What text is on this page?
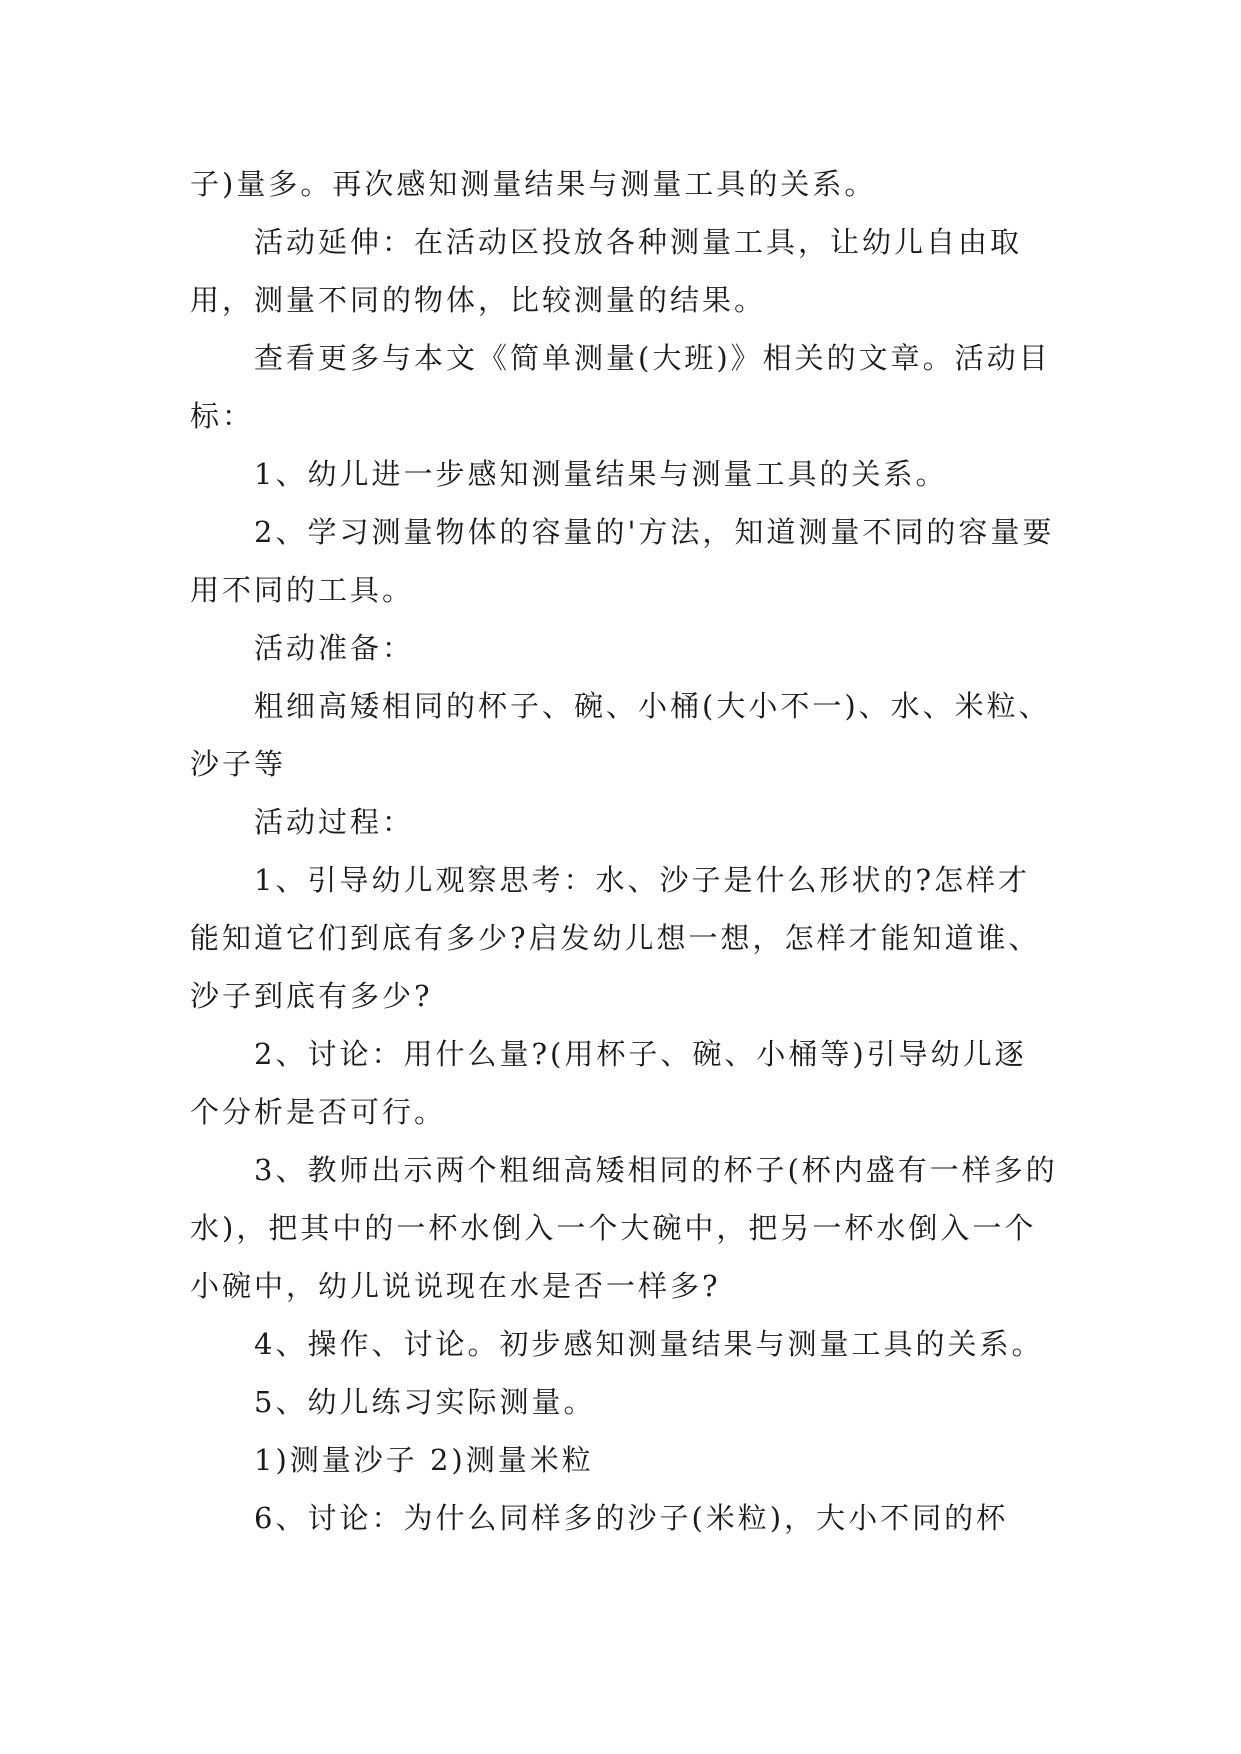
子)量多。再次感知测量结果与测量工具的关系。

活动延伸：在活动区投放各种测量工具，让幼儿自由取用，测量不同的物体，比较测量的结果。

查看更多与本文《简单测量(大班)》相关的文章。活动目标：

1、幼儿进一步感知测量结果与测量工具的关系。

2、学习测量物体的容量的'方法，知道测量不同的容量要用不同的工具。

活动准备：

粗细高矮相同的杯子、碗、小桶(大小不一)、水、米粒、沙子等

活动过程：

1、引导幼儿观察思考：水、沙子是什么形状的?怎样才能知道它们到底有多少?启发幼儿想一想，怎样才能知道谁、沙子到底有多少?

2、讨论：用什么量?(用杯子、碗、小桶等)引导幼儿逐个分析是否可行。

3、教师出示两个粗细高矮相同的杯子(杯内盛有一样多的水)，把其中的一杯水倒入一个大碗中，把另一杯水倒入一个小碗中，幼儿说说现在水是否一样多?

4、操作、讨论。初步感知测量结果与测量工具的关系。

5、幼儿练习实际测量。

1)测量沙子 2)测量米粒

6、讨论：为什么同样多的沙子(米粒)，大小不同的杯
